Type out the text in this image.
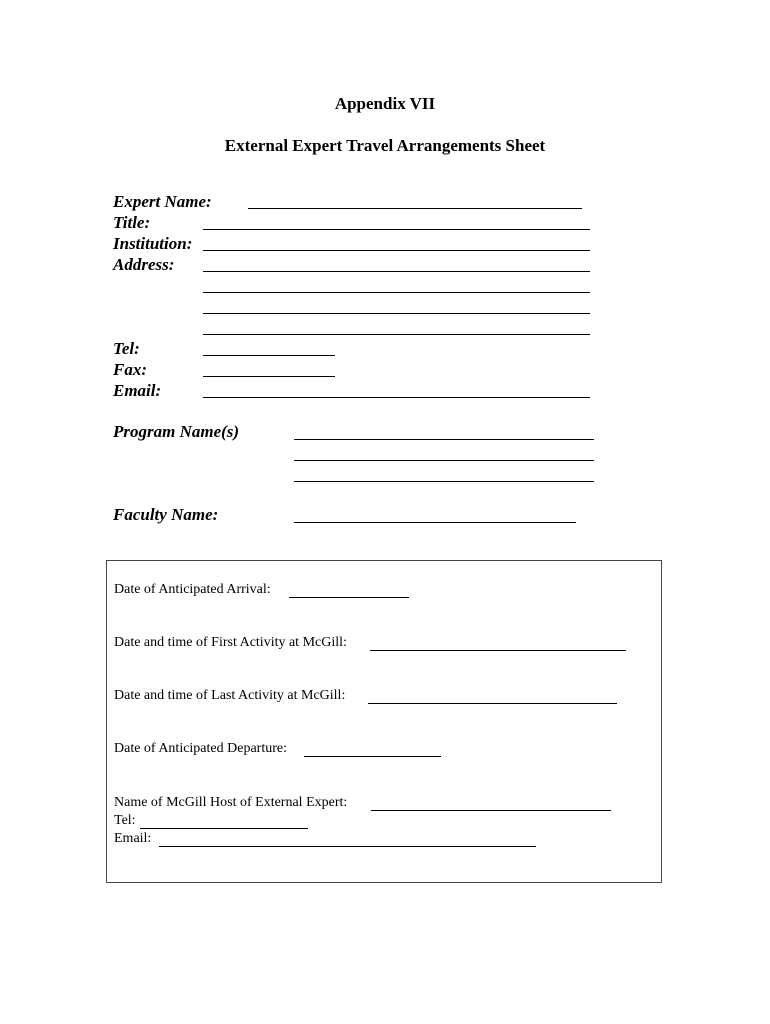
Appendix VII
External Expert Travel Arrangements Sheet
Expert Name:
Title:
Institution:
Address:
Tel:
Fax:
Email:
Program Name(s)
Faculty Name:
Date of Anticipated Arrival:
Date and time of First Activity at McGill:
Date and time of Last Activity at McGill:
Date of Anticipated Departure:
Name of McGill Host of External Expert:
Tel:
Email:
